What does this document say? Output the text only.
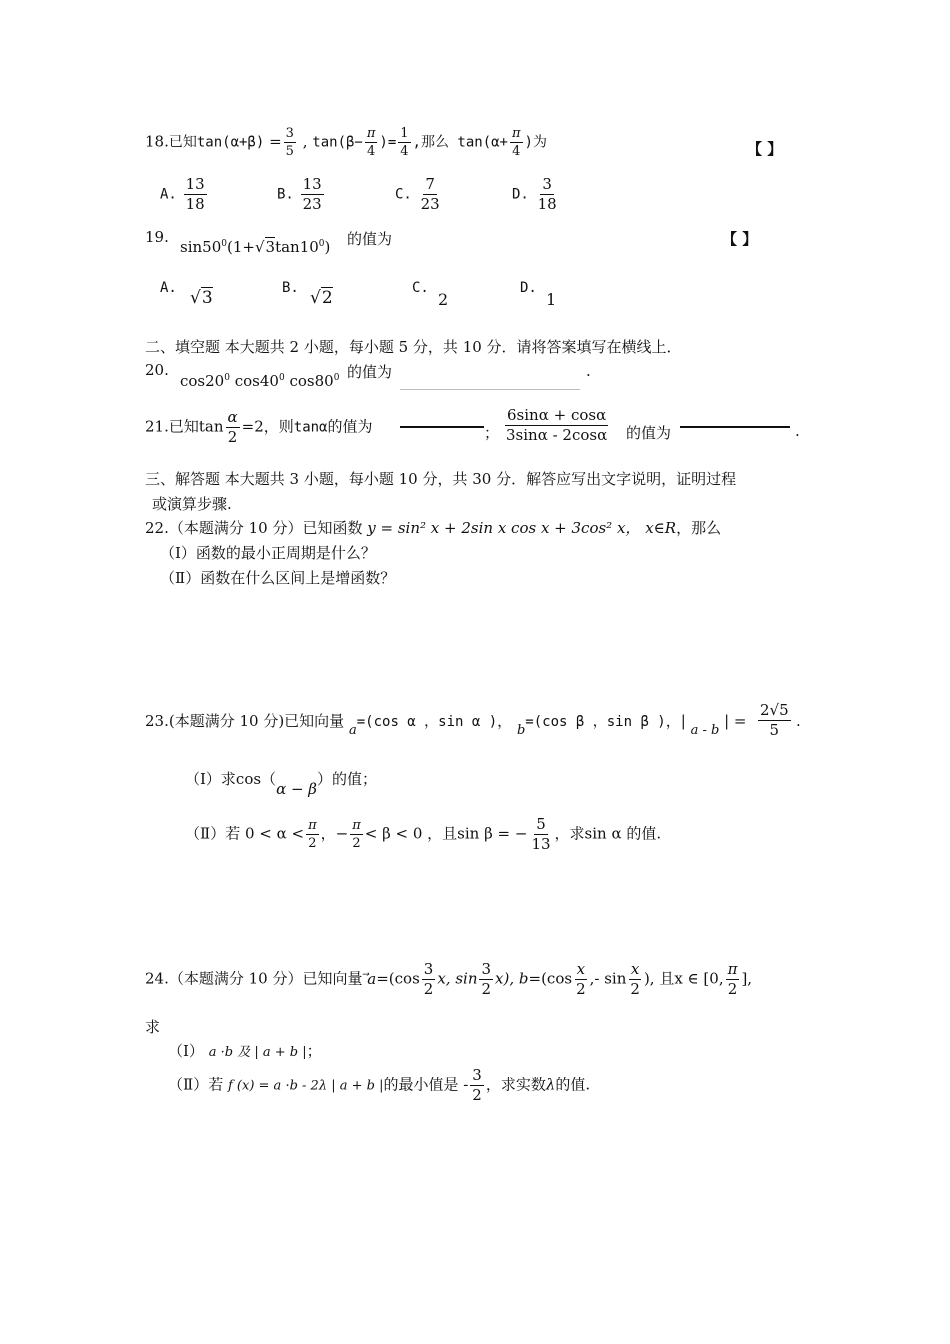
18.已知$\tan(\alpha+\beta) = \frac{3}{5}$ , $\tan(\beta- \frac{\pi}{4}$ )= $\frac{1}{4}$ ,那么 $\tan(\alpha+ \frac{\pi}{4}$ )为	【 】
A. $\frac{13}{18}$	B. $\frac{13}{23}$	C. $\frac{7}{23}$	D. $\frac{3}{18}$
19.
$\sin 50^0(1+√3\tan 10^0)$ 的值为	【 】
A. √3	B. √2	C.
2
D.
1
二、填空题 本大题共 2 小题，每小题 5 分，共 10 分．请将答案填写在横线上．
20.
$\cos 20^0$ $\cos 40^0$ $\cos 80^0$ 的值为	.
21.已知$\tan \frac{\alpha}{2} =2$，则tanα的值为	； $\frac{6\sin\alpha + \cos\alpha}{3\sin\alpha - 2\cos\alpha}$ 的值为	.
三、解答题 本大题共 3 小题，每小题 10 分，共 30 分．解答应写出文字说明，证明过程
或演算步骤.
22.（本题满分 10 分）已知函数 y = sin² x + 2sin x cos x + 3cos² x， x∈R，那么
（Ⅰ）函数的最小正周期是什么？
（Ⅱ）函数在什么区间上是增函数？
23.(本题满分 10 分)已知向量 a=(cos α ，sin α )， b=(cos β ，sin β )，| a - b | = $\frac{2√5}{5}$ .
（Ⅰ）求cos（α − β）的值；
（Ⅱ）若 $0 < \alpha < \frac{\pi}{2}$ ，− $\frac{\pi}{2} < \beta < 0$ ，且sin β = − $\frac{5}{13}$ ，求sin α 的值.
24.（本题满分 10 分）已知向量 $a=(\cos \frac{3}{2} x$, $\sin \frac{3}{2} x$), $b=(\cos \frac{x}{2}$ ,- $\sin \frac{x}{2}$ ), 且x ∈ [0, $\frac{\pi}{2}$ ],
求
（Ⅰ） a ·b 及 | a + b |；
（Ⅱ）若 f (x) = a ·b - 2λ | a + b |的最小值是 - $\frac{3}{2}$ ，求实数λ的值.
